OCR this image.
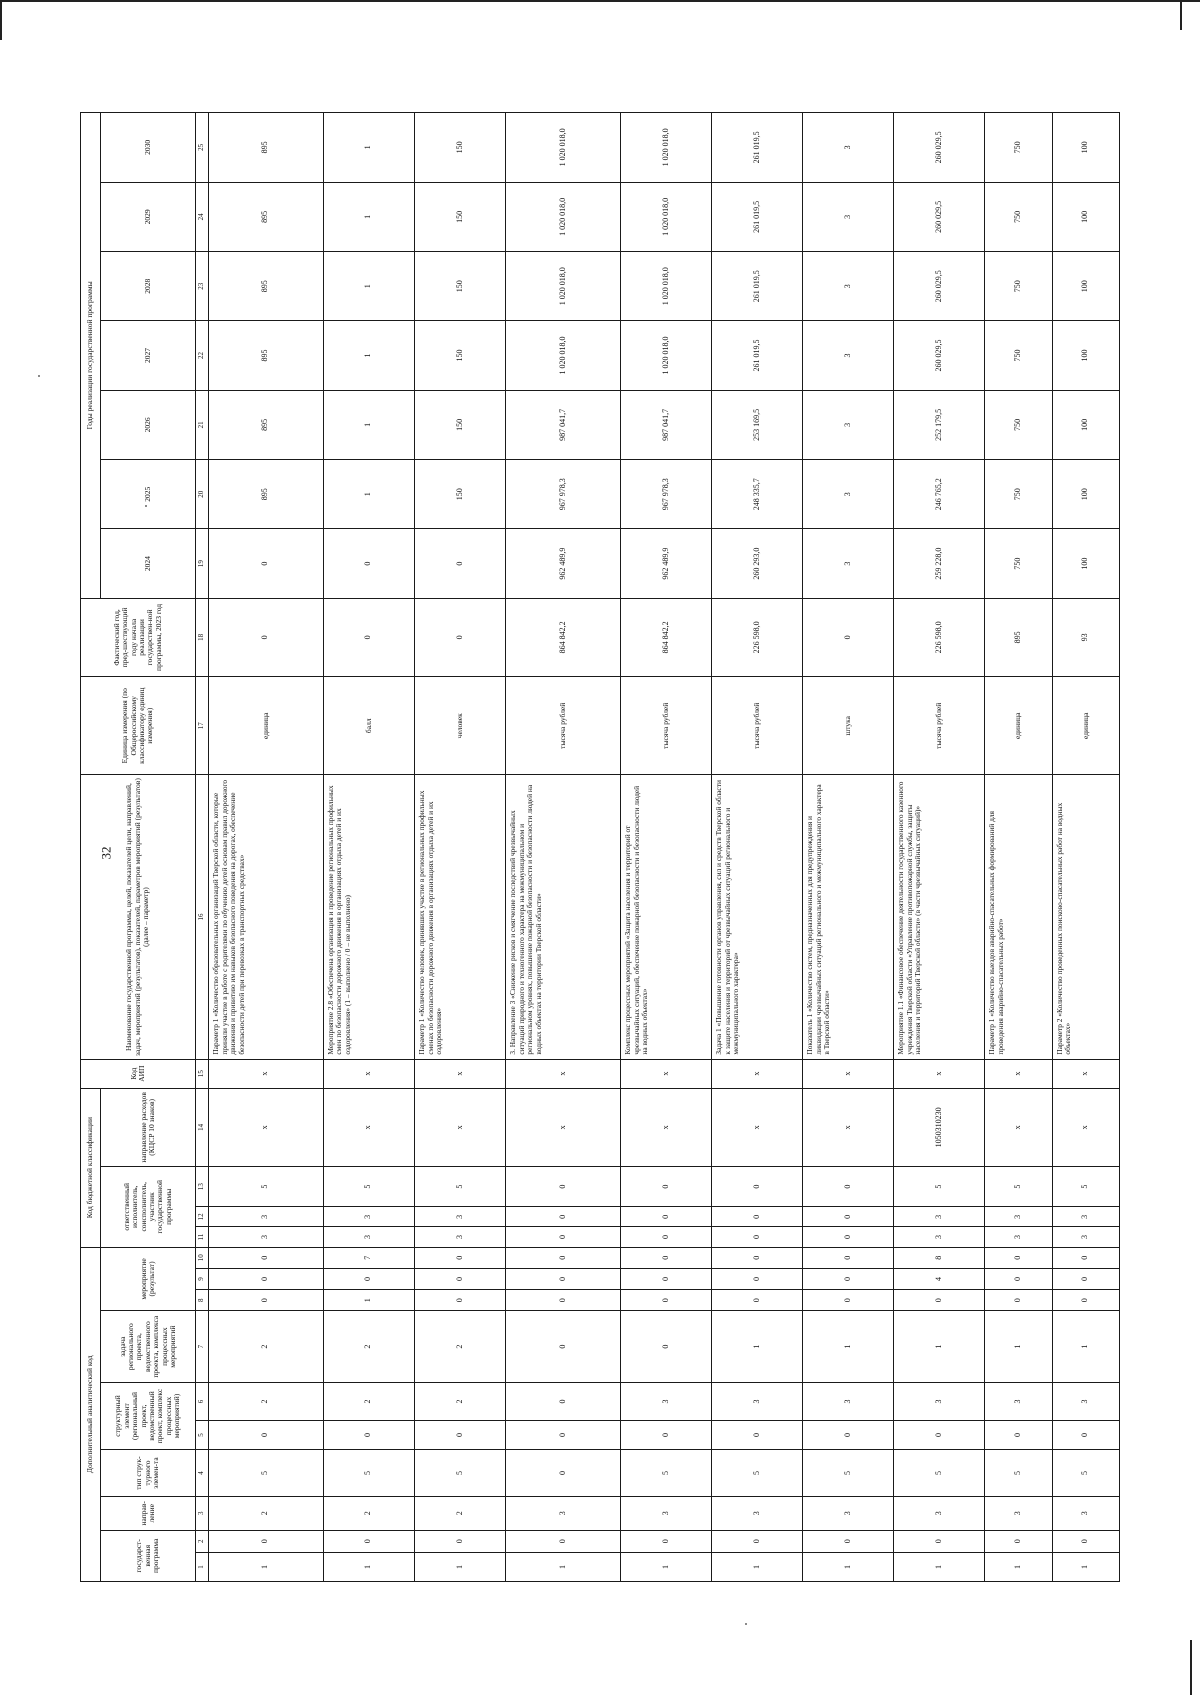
32
Дополнительный аналитический код										Код бюджетной классификации				Код АИП	Наименование государственной программы, целей, показателей цели, направлений, задач, мероприятий (результатов), показателей, параметров мероприятий (результатов) (далее – параметр)	Единица измерения (по Общероссийскому классификатору единиц измерения)	Фактический год, пред-шествующий году начала реализации государствен-ной программы, 2023 год	Годы реализации государственной программы						
государст-венная программа		направ-ление	тип струк-турного элемен-та	структурный элемент (региональный проект, ведомственный проект, комплекс процессных мероприятий)		задача регионального проекта, ведомственного проекта, комплекса процессных мероприятий	мероприятие (результат)			ответственный исполнитель, соисполнитель, участник государственной программы			направление расходов (КЦСР 10 знаков)					2024	2025	2026	2027	2028	2029	2030
1	2	3	4	5	6	7	8	9	10	11	12	13	14	15	16	17	18	19	20	21	22	23	24	25
1	0	2	5	0	2	2	0	0	0	3	3	5	x	x	Параметр 1 «Количество образовательных организаций Тверской области, которые приняли участие в работе с родителями по обучению детей основам правил дорожного движения и привитию им навыков безопасного поведения на дорогах, обеспечение безопасности детей при перевозках в транспортных средствах»	единица	0	0	895	895	895	895	895	895
1	0	2	5	0	2	2	1	0	7	3	3	5	x	x	Мероприятие 2.8 «Обеспечена организация и проведение региональных профильных смен по безопасности дорожного движения в организациях отдыха детей и их оздоровления» (1 – выполнено / 0 – не выполнено)	балл	0	0	1	1	1	1	1	1
1	0	2	5	0	2	2	0	0	0	3	3	5	x	x	Параметр 1 «Количество человек, принявших участие в региональных профильных сменах по безопасности дорожного движения в организациях отдыха детей и их оздоровления»	человек	0	0	150	150	150	150	150	150
1	0	3	0	0	0	0	0	0	0	0	0	0	x	x	3. Направление 3 «Снижение рисков и смягчение последствий чрезвычайных ситуаций природного и техногенного характера на межмуниципальном и региональном уровнях, повышение пожарной безопасности и безопасности людей на водных объектах на территории Тверской области»	тысяча рублей	864 842,2	962 489,9	967 978,3	987 041,7	1 020 018,0	1 020 018,0	1 020 018,0	1 020 018,0
1	0	3	5	0	3	0	0	0	0	0	0	0	x	x	Комплекс процессных мероприятий «Защита населения и территорий от чрезвычайных ситуаций, обеспечение пожарной безопасности и безопасности людей на водных объектах»	тысяча рублей	864 842,2	962 489,9	967 978,3	987 041,7	1 020 018,0	1 020 018,0	1 020 018,0	1 020 018,0
1	0	3	5	0	3	1	0	0	0	0	0	0	x	x	Задача 1 «Повышение готовности органов управления, сил и средств Тверской области к защите населения и территорий от чрезвычайных ситуаций регионального и межмуниципального характера»	тысяча рублей	226 598,0	260 293,0	248 335,7	253 169,5	261 019,5	261 019,5	261 019,5	261 019,5
1	0	3	5	0	3	1	0	0	0	0	0	0	x	x	Показатель 1 «Количество систем, предназначенных для предупреждения и ликвидации чрезвычайных ситуаций регионального и межмуниципального характера в Тверской области»	штука	0	3	3	3	3	3	3	3
1	0	3	5	0	3	1	0	4	8	3	3	5	1050310230	x	Мероприятие 1.1 «Финансовое обеспечение деятельности государственного казенного учреждения Тверской области «Управление противопожарной службы, защиты населения и территорий Тверской области» (в части чрезвычайных ситуаций)»	тысяча рублей	226 598,0	259 228,0	246 765,2	252 179,5	260 029,5	260 029,5	260 029,5	260 029,5
1	0	3	5	0	3	1	0	0	0	3	3	5	x	x	Параметр 1 «Количество выездов аварийно-спасательных формирований для проведения аварийно-спасательных работ»	единица	895	750	750	750	750	750	750	750
1	0	3	5	0	3	1	0	0	0	3	3	5	x	x	Параметр 2 «Количество проведенных поисково-спасательных работ на водных объектах»	единица	93	100	100	100	100	100	100	100
